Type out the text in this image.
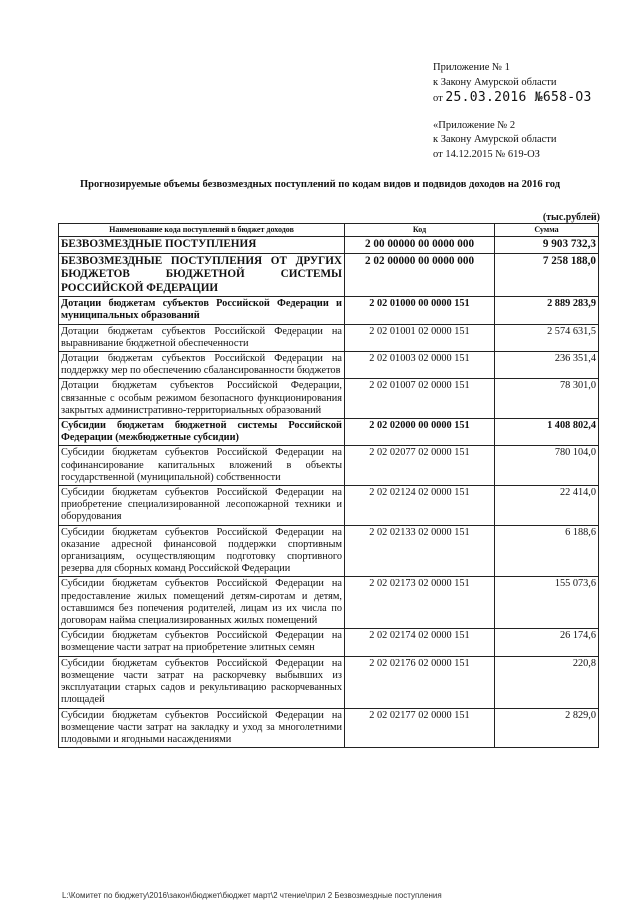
Приложение № 1
к Закону Амурской области
от 25.03.2016 №658-ОЗ
«Приложение № 2
к Закону Амурской области
от 14.12.2015 № 619-ОЗ
Прогнозируемые объемы безвозмездных поступлений по кодам видов и подвидов доходов на 2016 год
(тыс.рублей)
Наименование кода поступлений в бюджет доходов	Код	Сумма
БЕЗВОЗМЕЗДНЫЕ ПОСТУПЛЕНИЯ	2 00 00000 00 0000 000	9 903 732,3
БЕЗВОЗМЕЗДНЫЕ ПОСТУПЛЕНИЯ ОТ ДРУГИХ БЮДЖЕТОВ БЮДЖЕТНОЙ СИСТЕМЫ РОССИЙСКОЙ ФЕДЕРАЦИИ	2 02 00000 00 0000 000	7 258 188,0
Дотации бюджетам субъектов Российской Федерации и муниципальных образований	2 02 01000 00 0000 151	2 889 283,9
Дотации бюджетам субъектов Российской Федерации на выравнивание бюджетной обеспеченности	2 02 01001 02 0000 151	2 574 631,5
Дотации бюджетам субъектов Российской Федерации на поддержку мер по обеспечению сбалансированности бюджетов	2 02 01003 02 0000 151	236 351,4
Дотации бюджетам субъектов Российской Федерации, связанные с особым режимом безопасного функционирования закрытых административно-территориальных образований	2 02 01007 02 0000 151	78 301,0
Субсидии бюджетам бюджетной системы Российской Федерации (межбюджетные субсидии)	2 02 02000 00 0000 151	1 408 802,4
Субсидии бюджетам субъектов Российской Федерации на софинансирование капитальных вложений в объекты государственной (муниципальной) собственности	2 02 02077 02 0000 151	780 104,0
Субсидии бюджетам субъектов Российской Федерации на приобретение специализированной лесопожарной техники и оборудования	2 02 02124 02 0000 151	22 414,0
Субсидии бюджетам субъектов Российской Федерации на оказание адресной финансовой поддержки спортивным организациям, осуществляющим подготовку спортивного резерва для сборных команд Российской Федерации	2 02 02133 02 0000 151	6 188,6
Субсидии бюджетам субъектов Российской Федерации на предоставление жилых помещений детям-сиротам и детям, оставшимся без попечения родителей, лицам из их числа по договорам найма специализированных жилых помещений	2 02 02173 02 0000 151	155 073,6
Субсидии бюджетам субъектов Российской Федерации на возмещение части затрат на приобретение элитных семян	2 02 02174 02 0000 151	26 174,6
Субсидии бюджетам субъектов Российской Федерации на возмещение части затрат на раскорчевку выбывших из эксплуатации старых садов и рекультивацию раскорчеванных площадей	2 02 02176 02 0000 151	220,8
Субсидии бюджетам субъектов Российской Федерации на возмещение части затрат на закладку и уход за многолетними плодовыми и ягодными насаждениями	2 02 02177 02 0000 151	2 829,0
L:\Комитет по бюджету\2016\закон\бюджет\бюджет март\2 чтение\прил 2 Безвозмездные поступления
